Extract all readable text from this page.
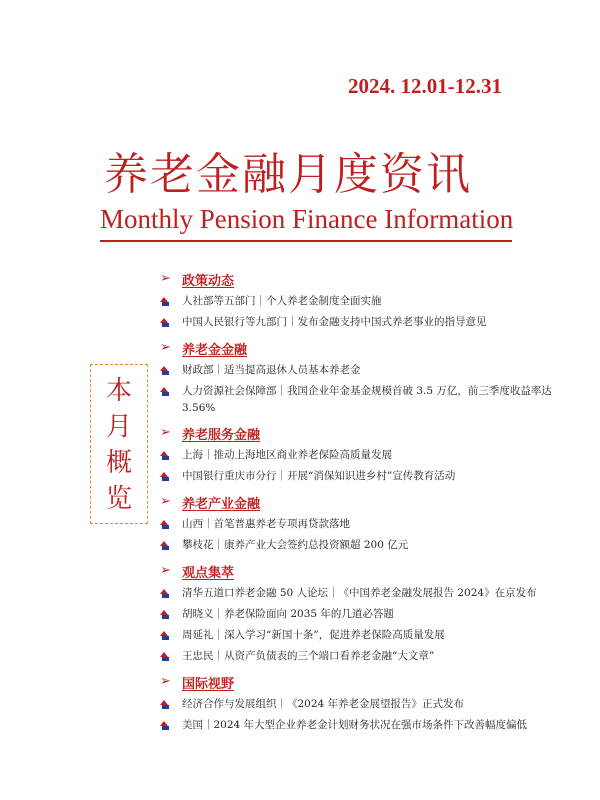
2024. 12.01-12.31
养老金融月度资讯
Monthly Pension Finance Information
本
月
概
览
➢ 政策动态
人社部等五部门｜个人养老金制度全面实施
中国人民银行等九部门｜发布金融支持中国式养老事业的指导意见
➢ 养老金金融
财政部｜适当提高退休人员基本养老金
人力资源社会保障部｜我国企业年金基金规模首破 3.5 万亿，前三季度收益率达 3.56%
➢ 养老服务金融
上海｜推动上海地区商业养老保险高质量发展
中国银行重庆市分行｜开展“消保知识进乡村”宣传教育活动
➢ 养老产业金融
山西｜首笔普惠养老专项再贷款落地
攀枝花｜康养产业大会签约总投资额超 200 亿元
➢ 观点集萃
清华五道口养老金融 50 人论坛｜《中国养老金融发展报告 2024》在京发布
胡晓义｜养老保险面向 2035 年的几道必答题
周延礼｜深入学习“新国十条”，促进养老保险高质量发展
王忠民｜从资产负债表的三个端口看养老金融“大文章”
➢ 国际视野
经济合作与发展组织｜《2024 年养老金展望报告》正式发布
美国｜2024 年大型企业养老金计划财务状况在强市场条件下改善幅度偏低
